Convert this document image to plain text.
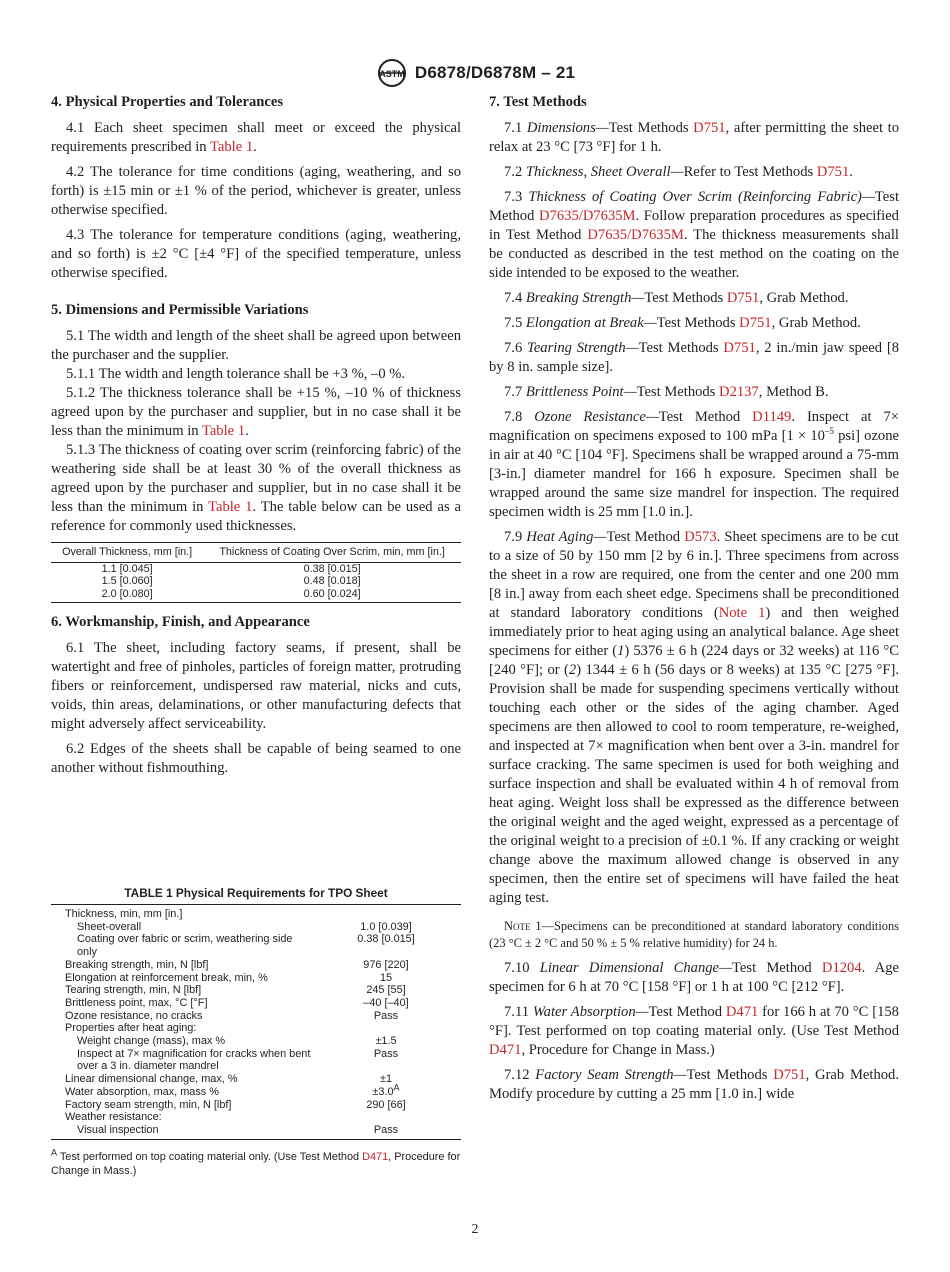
ASTM D6878/D6878M – 21
4. Physical Properties and Tolerances

4.1 Each sheet specimen shall meet or exceed the physical requirements prescribed in Table 1.

4.2 The tolerance for time conditions (aging, weathering, and so forth) is ±15 min or ±1 % of the period, whichever is greater, unless otherwise specified.

4.3 The tolerance for temperature conditions (aging, weathering, and so forth) is ±2 °C [±4 °F] of the specified temperature, unless otherwise specified.

5. Dimensions and Permissible Variations

5.1 The width and length of the sheet shall be agreed upon between the purchaser and the supplier.

5.1.1 The width and length tolerance shall be +3 %, –0 %.

5.1.2 The thickness tolerance shall be +15 %, –10 % of thickness agreed upon by the purchaser and supplier, but in no case shall it be less than the minimum in Table 1.

5.1.3 The thickness of coating over scrim (reinforcing fabric) of the weathering side shall be at least 30 % of the overall thickness as agreed upon by the purchaser and supplier, but in no case shall it be less than the minimum in Table 1. The table below can be used as a reference for commonly used thicknesses.

Overall Thickness, mm [in.]	Thickness of Coating Over Scrim, min, mm [in.]
1.1 [0.045]	0.38 [0.015]
1.5 [0.060]	0.48 [0.018]
2.0 [0.080]	0.60 [0.024]
6. Workmanship, Finish, and Appearance

6.1 The sheet, including factory seams, if present, shall be watertight and free of pinholes, particles of foreign matter, protruding fibers or reinforcement, undispersed raw material, nicks and cuts, voids, thin areas, delaminations, or other manufacturing defects that might adversely affect serviceability.

6.2 Edges of the sheets shall be capable of being seamed to one another without fishmouthing.

TABLE 1 Physical Requirements for TPO Sheet
Thickness, min, mm [in.]	
Sheet-overall	1.0 [0.039]
Coating over fabric or scrim, weathering side only	0.38 [0.015]
Breaking strength, min, N [lbf]	976 [220]
Elongation at reinforcement break, min, %	15
Tearing strength, min, N [lbf]	245 [55]
Brittleness point, max, °C [°F]	–40 [–40]
Ozone resistance, no cracks	Pass
Properties after heat aging:	
Weight change (mass), max %	±1.5
Inspect at 7× magnification for cracks when bent	Pass
over a 3 in. diameter mandrel	
Linear dimensional change, max, %	±1
Water absorption, max, mass %	$\pm 3.0^A$
Factory seam strength, min, N [lbf]	290 [66]
Weather resistance:	
Visual inspection	Pass
$^A$ Test performed on top coating material only. (Use Test Method D471, Procedure for Change in Mass.)
7. Test Methods

7.1 Dimensions—Test Methods D751, after permitting the sheet to relax at 23 °C [73 °F] for 1 h.

7.2 Thickness, Sheet Overall—Refer to Test Methods D751.

7.3 Thickness of Coating Over Scrim (Reinforcing Fabric)—Test Method D7635/D7635M. Follow preparation procedures as specified in Test Method D7635/D7635M. The thickness measurements shall be conducted as described in the test method on the coating on the side intended to be exposed to the weather.

7.4 Breaking Strength—Test Methods D751, Grab Method.

7.5 Elongation at Break—Test Methods D751, Grab Method.

7.6 Tearing Strength—Test Methods D751, 2 in./min jaw speed [8 by 8 in. sample size].

7.7 Brittleness Point—Test Methods D2137, Method B.

7.8 Ozone Resistance—Test Method D1149. Inspect at 7× magnification on specimens exposed to 100 mPa [$1 \times 10^{-5}$ psi] ozone in air at 40 °C [104 °F]. Specimens shall be wrapped around a 75-mm [3-in.] diameter mandrel for 166 h exposure. Specimen shall be wrapped around the same size mandrel for inspection. The required specimen width is 25 mm [1.0 in.].

7.9 Heat Aging—Test Method D573. Sheet specimens are to be cut to a size of 50 by 150 mm [2 by 6 in.]. Three specimens from across the sheet in a row are required, one from the center and one 200 mm [8 in.] away from each sheet edge. Specimens shall be preconditioned at standard laboratory conditions (Note 1) and then weighed immediately prior to heat aging using an analytical balance. Age sheet specimens for either (1) 5376 ± 6 h (224 days or 32 weeks) at 116 °C [240 °F]; or (2) 1344 ± 6 h (56 days or 8 weeks) at 135 °C [275 °F]. Provision shall be made for suspending specimens vertically without touching each other or the sides of the aging chamber. Aged specimens are then allowed to cool to room temperature, re-weighed, and inspected at 7× magnification when bent over a 3-in. mandrel for surface cracking. The same specimen is used for both weighing and surface inspection and shall be evaluated within 4 h of removal from heat aging. Weight loss shall be expressed as the difference between the original weight and the aged weight, expressed as a percentage of the original weight to a precision of ±0.1 %. If any cracking or weight change above the maximum allowed change is observed in any specimen, then the entire set of specimens will have failed the heat aging test.

Note 1—Specimens can be preconditioned at standard laboratory conditions (23 °C ± 2 °C and 50 % ± 5 % relative humidity) for 24 h.

7.10 Linear Dimensional Change—Test Method D1204. Age specimen for 6 h at 70 °C [158 °F] or 1 h at 100 °C [212 °F].

7.11 Water Absorption—Test Method D471 for 166 h at 70 °C [158 °F]. Test performed on top coating material only. (Use Test Method D471, Procedure for Change in Mass.)

7.12 Factory Seam Strength—Test Methods D751, Grab Method. Modify procedure by cutting a 25 mm [1.0 in.] wide

2
